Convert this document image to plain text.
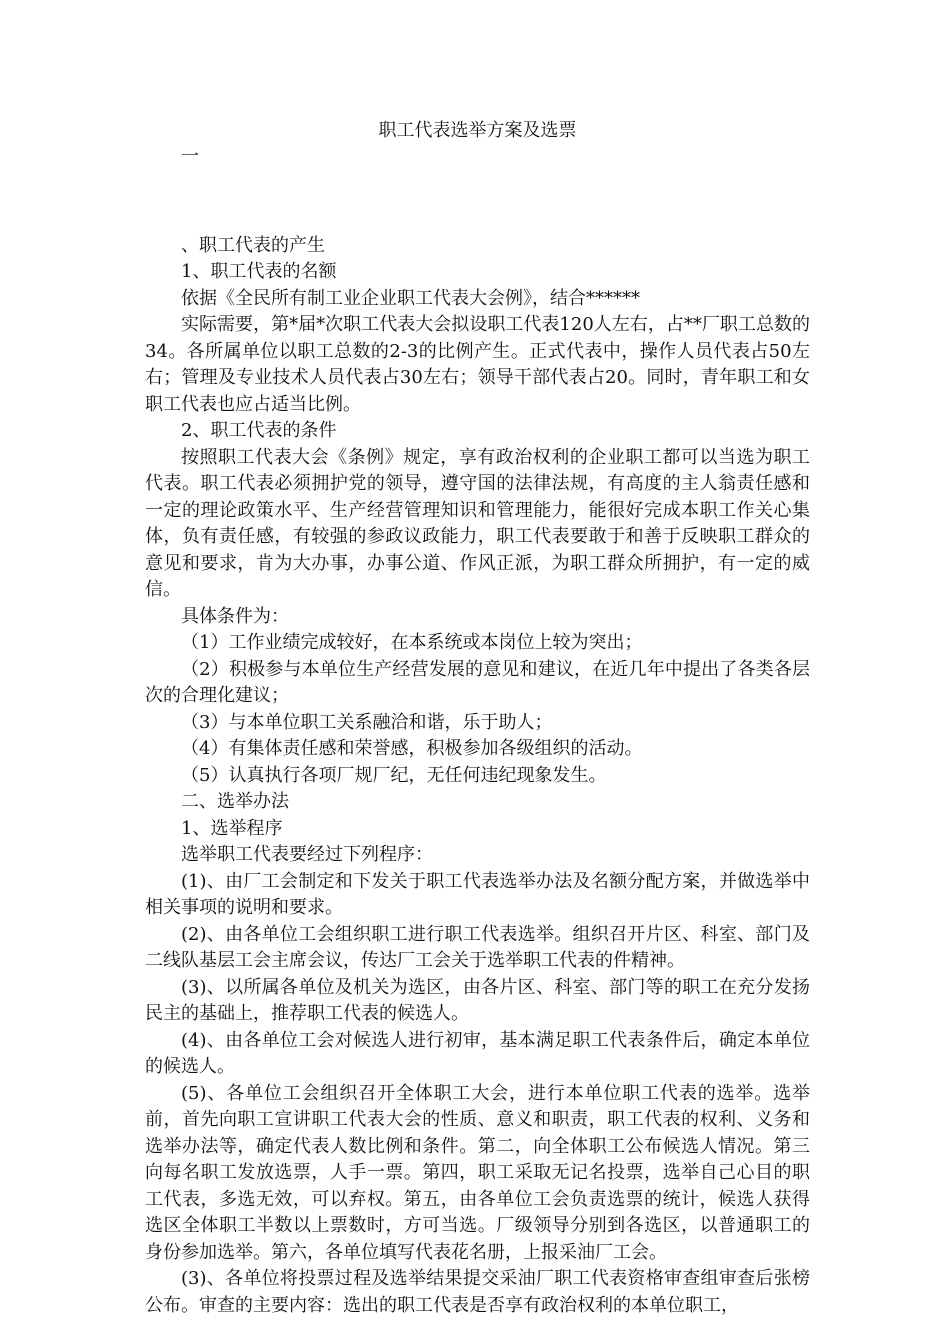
职工代表选举方案及选票

一

、职工代表的产生

1、职工代表的名额

依据《全民所有制工业企业职工代表大会例》，结合******

实际需要，第*届*次职工代表大会拟设职工代表120人左右，占**厂职工总数的34。各所属单位以职工总数的2-3的比例产生。正式代表中，操作人员代表占50左右；管理及专业技术人员代表占30左右；领导干部代表占20。同时，青年职工和女职工代表也应占适当比例。

2、职工代表的条件

按照职工代表大会《条例》规定，享有政治权利的企业职工都可以当选为职工代表。职工代表必须拥护党的领导，遵守国的法律法规，有高度的主人翁责任感和一定的理论政策水平、生产经营管理知识和管理能力，能很好完成本职工作关心集体，负有责任感，有较强的参政议政能力，职工代表要敢于和善于反映职工群众的意见和要求，肯为大办事，办事公道、作风正派，为职工群众所拥护，有一定的威信。

具体条件为：

（1）工作业绩完成较好，在本系统或本岗位上较为突出；

（2）积极参与本单位生产经营发展的意见和建议，在近几年中提出了各类各层次的合理化建议；

（3）与本单位职工关系融洽和谐，乐于助人；

（4）有集体责任感和荣誉感，积极参加各级组织的活动。

（5）认真执行各项厂规厂纪，无任何违纪现象发生。

二、选举办法

1、选举程序

选举职工代表要经过下列程序：

(1)、由厂工会制定和下发关于职工代表选举办法及名额分配方案，并做选举中相关事项的说明和要求。

(2)、由各单位工会组织职工进行职工代表选举。组织召开片区、科室、部门及二线队基层工会主席会议，传达厂工会关于选举职工代表的件精神。

(3)、以所属各单位及机关为选区，由各片区、科室、部门等的职工在充分发扬民主的基础上，推荐职工代表的候选人。

(4)、由各单位工会对候选人进行初审，基本满足职工代表条件后，确定本单位的候选人。

(5)、各单位工会组织召开全体职工大会，进行本单位职工代表的选举。选举前，首先向职工宣讲职工代表大会的性质、意义和职责，职工代表的权利、义务和选举办法等，确定代表人数比例和条件。第二，向全体职工公布候选人情况。第三向每名职工发放选票，人手一票。第四，职工采取无记名投票，选举自己心目的职工代表，多选无效，可以弃权。第五，由各单位工会负责选票的统计，候选人获得选区全体职工半数以上票数时，方可当选。厂级领导分别到各选区，以普通职工的身份参加选举。第六，各单位填写代表花名册，上报采油厂工会。

(3)、各单位将投票过程及选举结果提交采油厂职工代表资格审查组审查后张榜公布。审查的主要内容：选出的职工代表是否享有政治权利的本单位职工，
